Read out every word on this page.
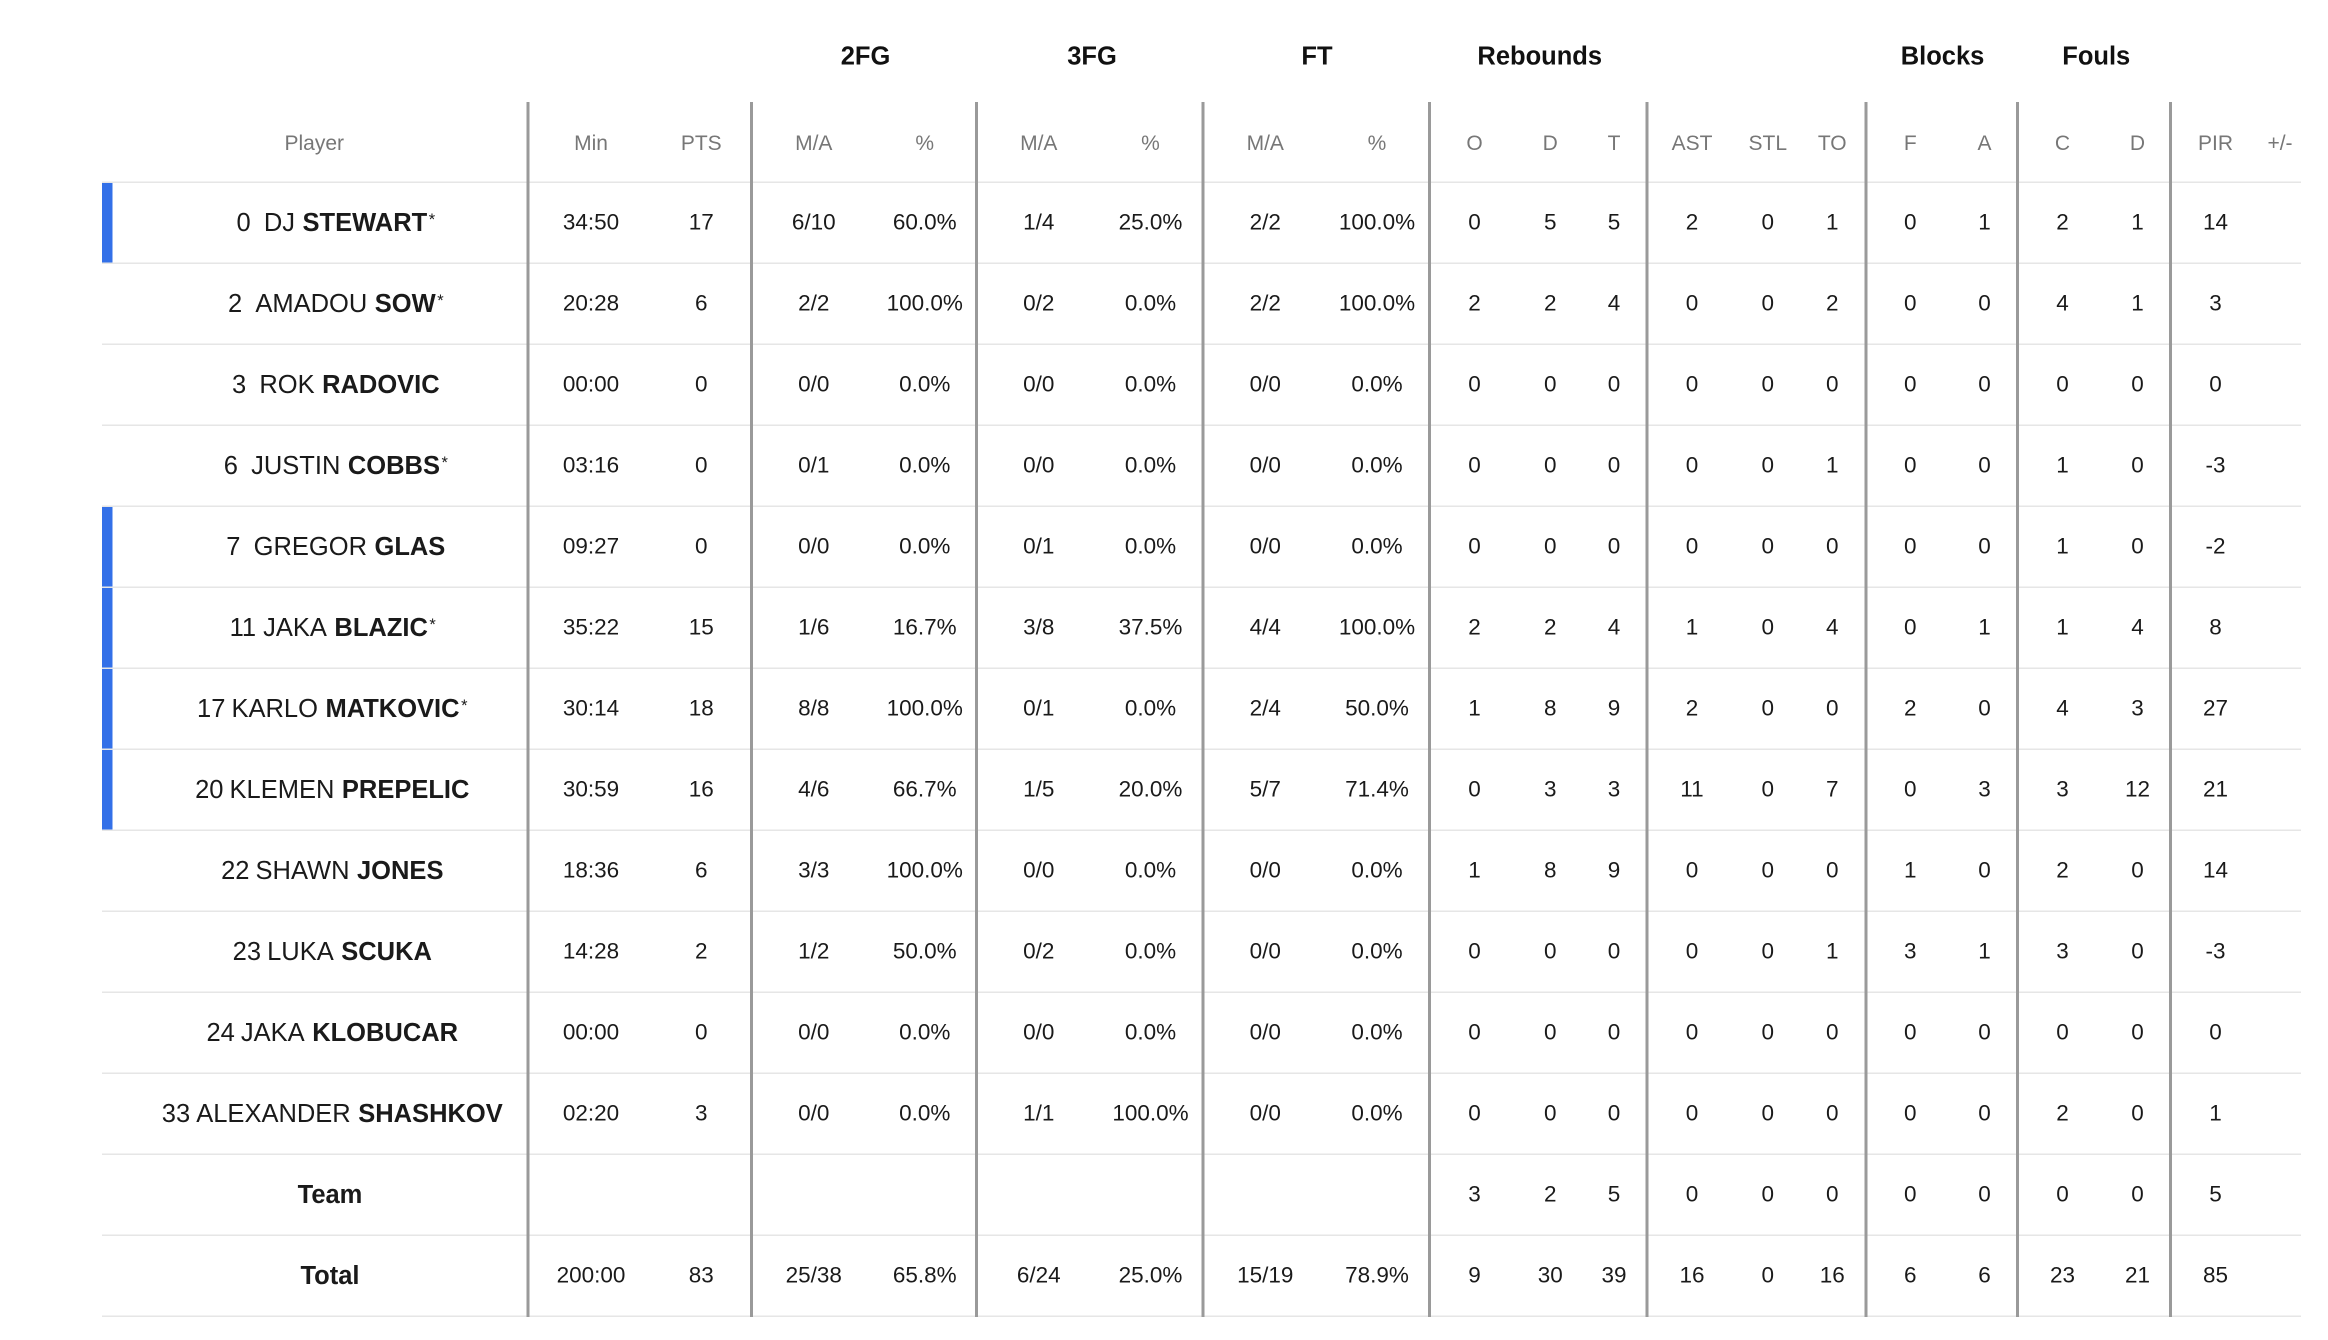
2FG	3FG	FT	Rebounds	Blocks	Fouls
Player	Min	PTS	M/A	%	M/A	%	M/A	%	O	D	T	AST	STL	TO	F	A	C	D	PIR	+/-

0 DJ STEWART *	34:50	17	6/10	60.0%	1/4	25.0%	2/2	100.0%	0	5	5	2	0	1	0	1	2	1	14	
2 AMADOU SOW *	20:28	6	2/2	100.0%	0/2	0.0%	2/2	100.0%	2	2	4	0	0	2	0	0	4	1	3	
3 ROK RADOVIC	00:00	0	0/0	0.0%	0/0	0.0%	0/0	0.0%	0	0	0	0	0	0	0	0	0	0	0	
6 JUSTIN COBBS *	03:16	0	0/1	0.0%	0/0	0.0%	0/0	0.0%	0	0	0	0	0	1	0	0	1	0	-3	

7 GREGOR GLAS	09:27	0	0/0	0.0%	0/1	0.0%	0/0	0.0%	0	0	0	0	0	0	0	0	1	0	-2	

11 JAKA BLAZIC *	35:22	15	1/6	16.7%	3/8	37.5%	4/4	100.0%	2	2	4	1	0	4	0	1	1	4	8	

17 KARLO MATKOVIC *	30:14	18	8/8	100.0%	0/1	0.0%	2/4	50.0%	1	8	9	2	0	0	2	0	4	3	27	

20 KLEMEN PREPELIC	30:59	16	4/6	66.7%	1/5	20.0%	5/7	71.4%	0	3	3	11	0	7	0	3	3	12	21	
22 SHAWN JONES	18:36	6	3/3	100.0%	0/0	0.0%	0/0	0.0%	1	8	9	0	0	0	1	0	2	0	14	
23 LUKA SCUKA	14:28	2	1/2	50.0%	0/2	0.0%	0/0	0.0%	0	0	0	0	0	1	3	1	3	0	-3	
24 JAKA KLOBUCAR	00:00	0	0/0	0.0%	0/0	0.0%	0/0	0.0%	0	0	0	0	0	0	0	0	0	0	0	
33 ALEXANDER SHASHKOV	02:20	3	0/0	0.0%	1/1	100.0%	0/0	0.0%	0	0	0	0	0	0	0	0	2	0	1	
Team									3	2	5	0	0	0	0	0	0	0	5	
Total	200:00	83	25/38	65.8%	6/24	25.0%	15/19	78.9%	9	30	39	16	0	16	6	6	23	21	85	
